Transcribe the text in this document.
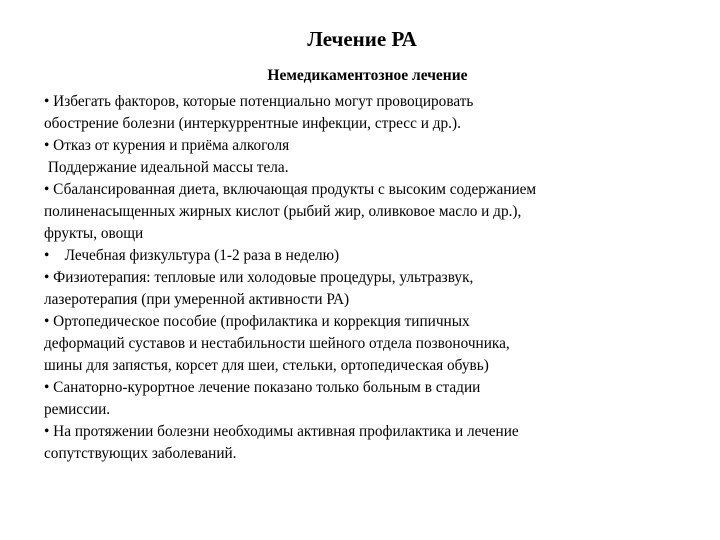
Лечение РА
Немедикаментозное лечение
• Избегать факторов, которые потенциально могут провоцировать
обострение болезни (интеркуррентные инфекции, стресс и др.).
• Отказ от курения и приёма алкоголя
Поддержание идеальной массы тела.
• Сбалансированная диета, включающая продукты с высоким содержанием
полиненасыщенных жирных кислот (рыбий жир, оливковое масло и др.),
фрукты, овощи
•    Лечебная физкультура (1-2 раза в неделю)
• Физиотерапия: тепловые или холодовые процедуры, ультразвук,
лазеротерапия (при умеренной активности РА)
• Ортопедическое пособие (профилактика и коррекция типичных
деформаций суставов и нестабильности шейного отдела позвоночника,
шины для запястья, корсет для шеи, стельки, ортопедическая обувь)
• Санаторно-курортное лечение показано только больным в стадии
ремиссии.
• На протяжении болезни необходимы активная профилактика и лечение
сопутствующих заболеваний.
